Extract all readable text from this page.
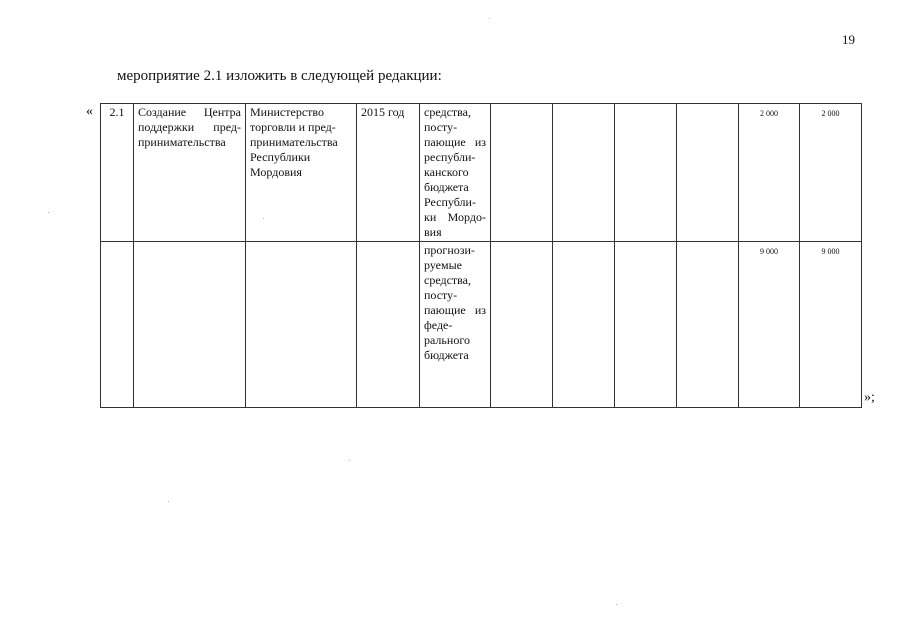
19
мероприятие 2.1 изложить в следующей редакции:
« 2.1	Создание Центра поддержки пред-принимательства	Министерство торговли и пред-принимательства Республики Мордовия	2015 год	средства, посту-пающие из республи-канского бюджета Республи-ки Мордо-вия					2 000	2 000
				прогнози-руемые средства, посту-пающие из феде-рального бюджета					9 000	9 000
»;
